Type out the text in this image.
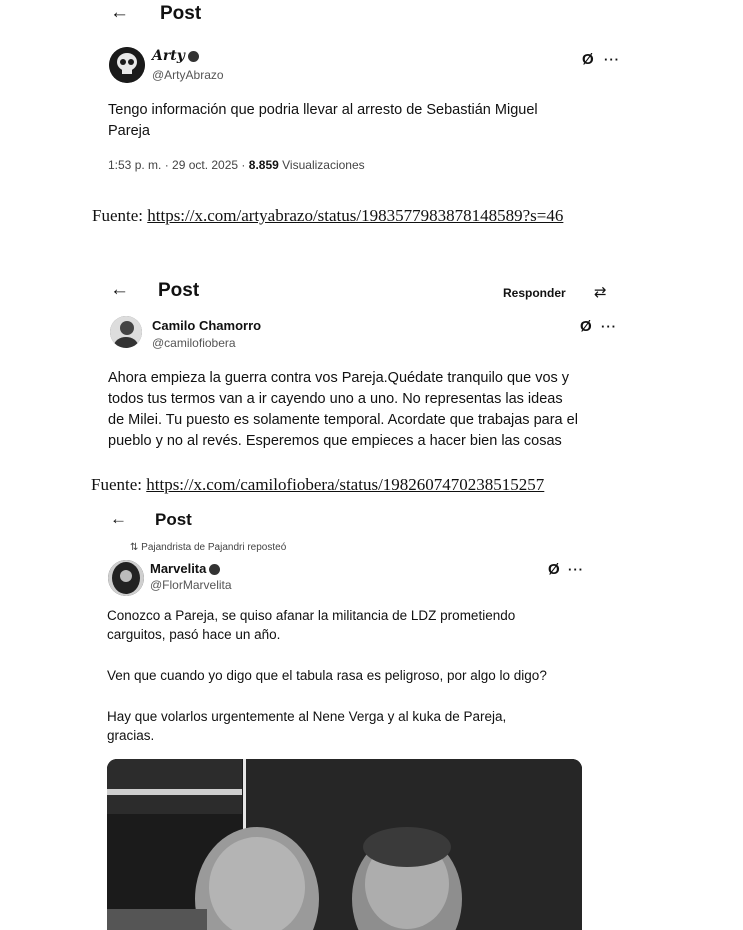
← Post
Arty
@ArtyAbrazo
Ø ···
Tengo información que podria llevar al arresto de Sebastián Miguel
Pareja
1:53 p. m. · 29 oct. 2025 · 8.859 Visualizaciones
Fuente: https://x.com/artyabrazo/status/1983577983878148589?s=46
← Post	Responder ⇄
Camilo Chamorro
@camilofiobera
Ø ···
Ahora empieza la guerra contra vos Pareja.Quédate tranquilo que vos y
todos tus termos van a ir cayendo uno a uno. No representas las ideas
de Milei. Tu puesto es solamente temporal. Acordate que trabajas para el
pueblo y no al revés. Esperemos que empieces a hacer bien las cosas
Fuente: https://x.com/camilofiobera/status/1982607470238515257
← Post
⇅ Pajandrista de Pajandri reposteó
Marvelita
@FlorMarvelita
Ø ···
Conozco a Pareja, se quiso afanar la militancia de LDZ prometiendo
carguitos, pasó hace un año.
Ven que cuando yo digo que el tabula rasa es peligroso, por algo lo digo?
Hay que volarlos urgentemente al Nene Verga y al kuka de Pareja,
gracias.
